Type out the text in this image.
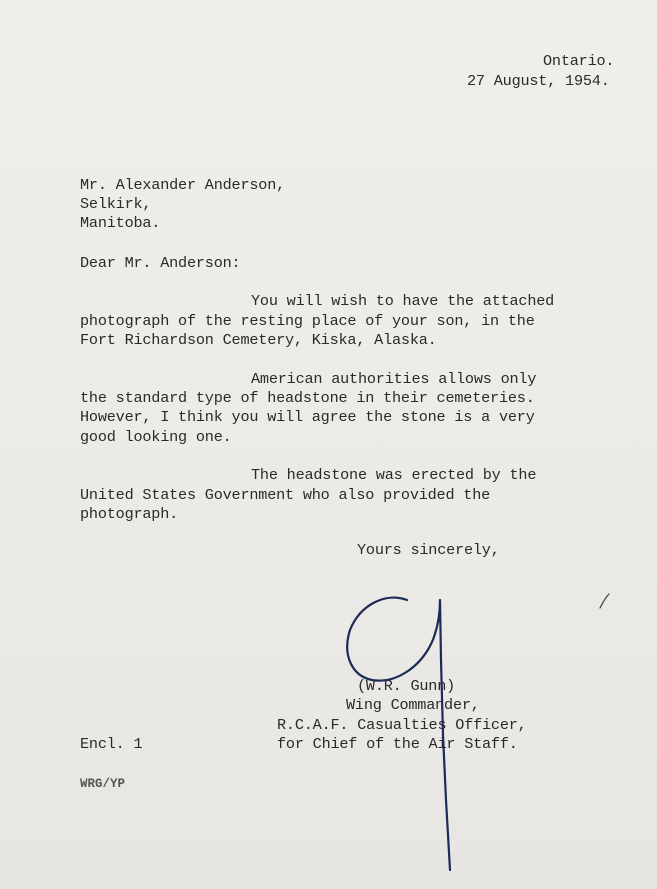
Ontario.
27 August, 1954.
Mr. Alexander Anderson,
Selkirk,
Manitoba.
Dear Mr. Anderson:
You will wish to have the attached
photograph of the resting place of your son, in the
Fort Richardson Cemetery, Kiska, Alaska.
American authorities allows only
the standard type of headstone in their cemeteries.
However, I think you will agree the stone is a very
good looking one.
The headstone was erected by the
United States Government who also provided the
photograph.
Yours sincerely,
(W.R. Gunn)
Wing Commander,
R.C.A.F. Casualties Officer,
for Chief of the Air Staff.
Encl. 1
WRG/YP
